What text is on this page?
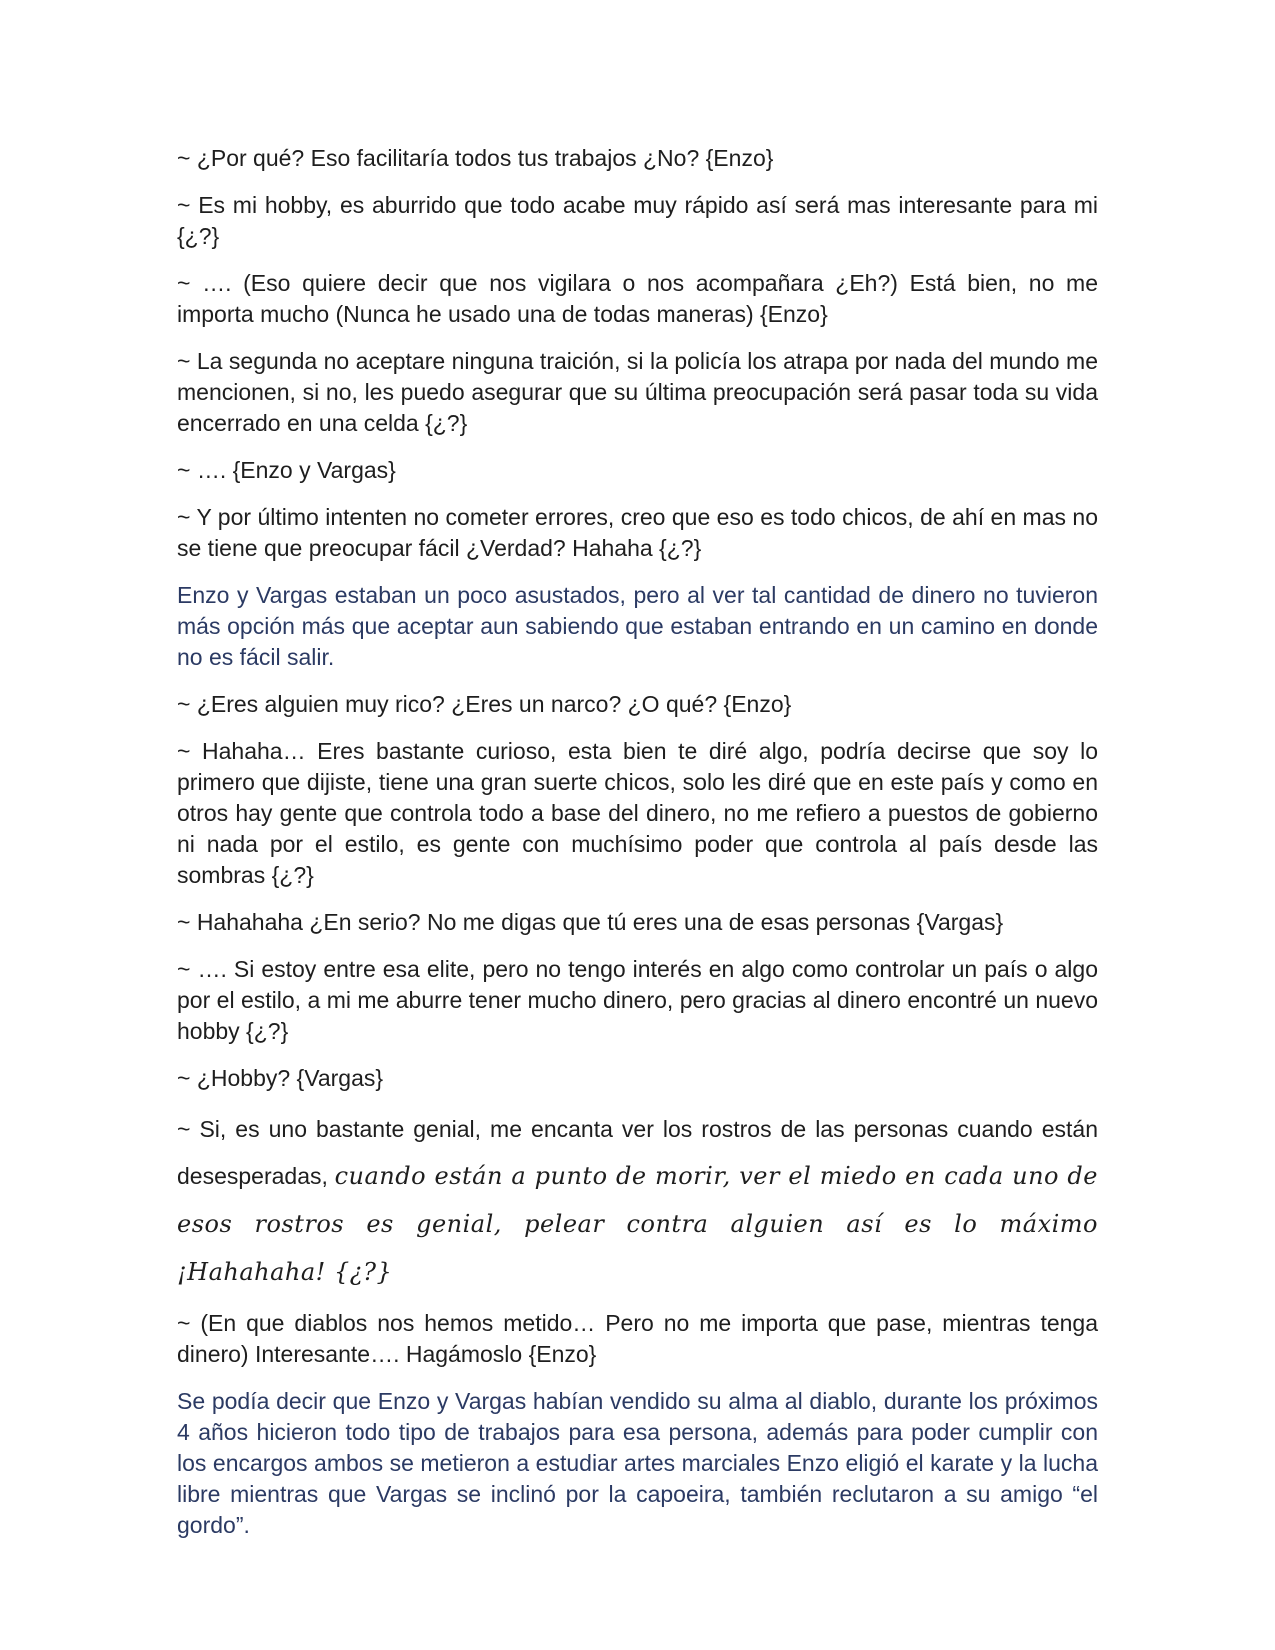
~ ¿Por qué? Eso facilitaría todos tus trabajos ¿No? {Enzo}

~ Es mi hobby, es aburrido que todo acabe muy rápido así será mas interesante para mi {¿?}

~ …. (Eso quiere decir que nos vigilara o nos acompañara ¿Eh?) Está bien, no me importa mucho (Nunca he usado una de todas maneras) {Enzo}

~ La segunda no aceptare ninguna traición, si la policía los atrapa por nada del mundo me mencionen, si no, les puedo asegurar que su última preocupación será pasar toda su vida encerrado en una celda {¿?}

~ …. {Enzo y Vargas}

~ Y por último intenten no cometer errores, creo que eso es todo chicos, de ahí en mas no se tiene que preocupar fácil ¿Verdad? Hahaha {¿?}

Enzo y Vargas estaban un poco asustados, pero al ver tal cantidad de dinero no tuvieron más opción más que aceptar aun sabiendo que estaban entrando en un camino en donde no es fácil salir.

~ ¿Eres alguien muy rico? ¿Eres un narco? ¿O qué? {Enzo}

~ Hahaha… Eres bastante curioso, esta bien te diré algo, podría decirse que soy lo primero que dijiste, tiene una gran suerte chicos, solo les diré que en este país y como en otros hay gente que controla todo a base del dinero, no me refiero a puestos de gobierno ni nada por el estilo, es gente con muchísimo poder que controla al país desde las sombras {¿?}

~ Hahahaha ¿En serio? No me digas que tú eres una de esas personas {Vargas}

~ …. Si estoy entre esa elite, pero no tengo interés en algo como controlar un país o algo por el estilo, a mi me aburre tener mucho dinero, pero gracias al dinero encontré un nuevo hobby {¿?}

~ ¿Hobby? {Vargas}

~ Si, es uno bastante genial, me encanta ver los rostros de las personas cuando están desesperadas, cuando están a punto de morir, ver el miedo en cada uno de esos rostros es genial, pelear contra alguien así es lo máximo ¡Hahahaha! {¿?}

~ (En que diablos nos hemos metido… Pero no me importa que pase, mientras tenga dinero) Interesante…. Hagámoslo {Enzo}

Se podía decir que Enzo y Vargas habían vendido su alma al diablo, durante los próximos 4 años hicieron todo tipo de trabajos para esa persona, además para poder cumplir con los encargos ambos se metieron a estudiar artes marciales Enzo eligió el karate y la lucha libre mientras que Vargas se inclinó por la capoeira, también reclutaron a su amigo “el gordo”.
